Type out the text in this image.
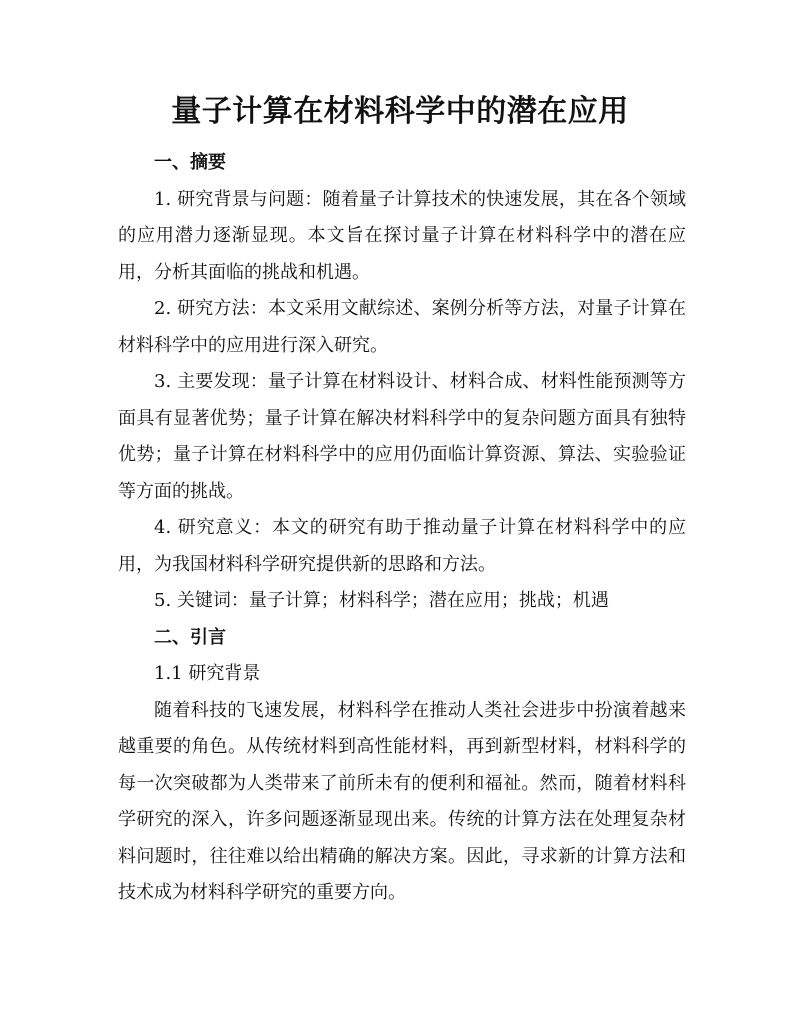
量子计算在材料科学中的潜在应用
一、摘要

1. 研究背景与问题：随着量子计算技术的快速发展，其在各个领域的应用潜力逐渐显现。本文旨在探讨量子计算在材料科学中的潜在应用，分析其面临的挑战和机遇。

2. 研究方法：本文采用文献综述、案例分析等方法，对量子计算在材料科学中的应用进行深入研究。

3. 主要发现：量子计算在材料设计、材料合成、材料性能预测等方面具有显著优势；量子计算在解决材料科学中的复杂问题方面具有独特优势；量子计算在材料科学中的应用仍面临计算资源、算法、实验验证等方面的挑战。

4. 研究意义：本文的研究有助于推动量子计算在材料科学中的应用，为我国材料科学研究提供新的思路和方法。

5. 关键词：量子计算；材料科学；潜在应用；挑战；机遇

二、引言
1.1 研究背景

随着科技的飞速发展，材料科学在推动人类社会进步中扮演着越来越重要的角色。从传统材料到高性能材料，再到新型材料，材料科学的每一次突破都为人类带来了前所未有的便利和福祉。然而，随着材料科学研究的深入，许多问题逐渐显现出来。传统的计算方法在处理复杂材料问题时，往往难以给出精确的解决方案。因此，寻求新的计算方法和技术成为材料科学研究的重要方向。
